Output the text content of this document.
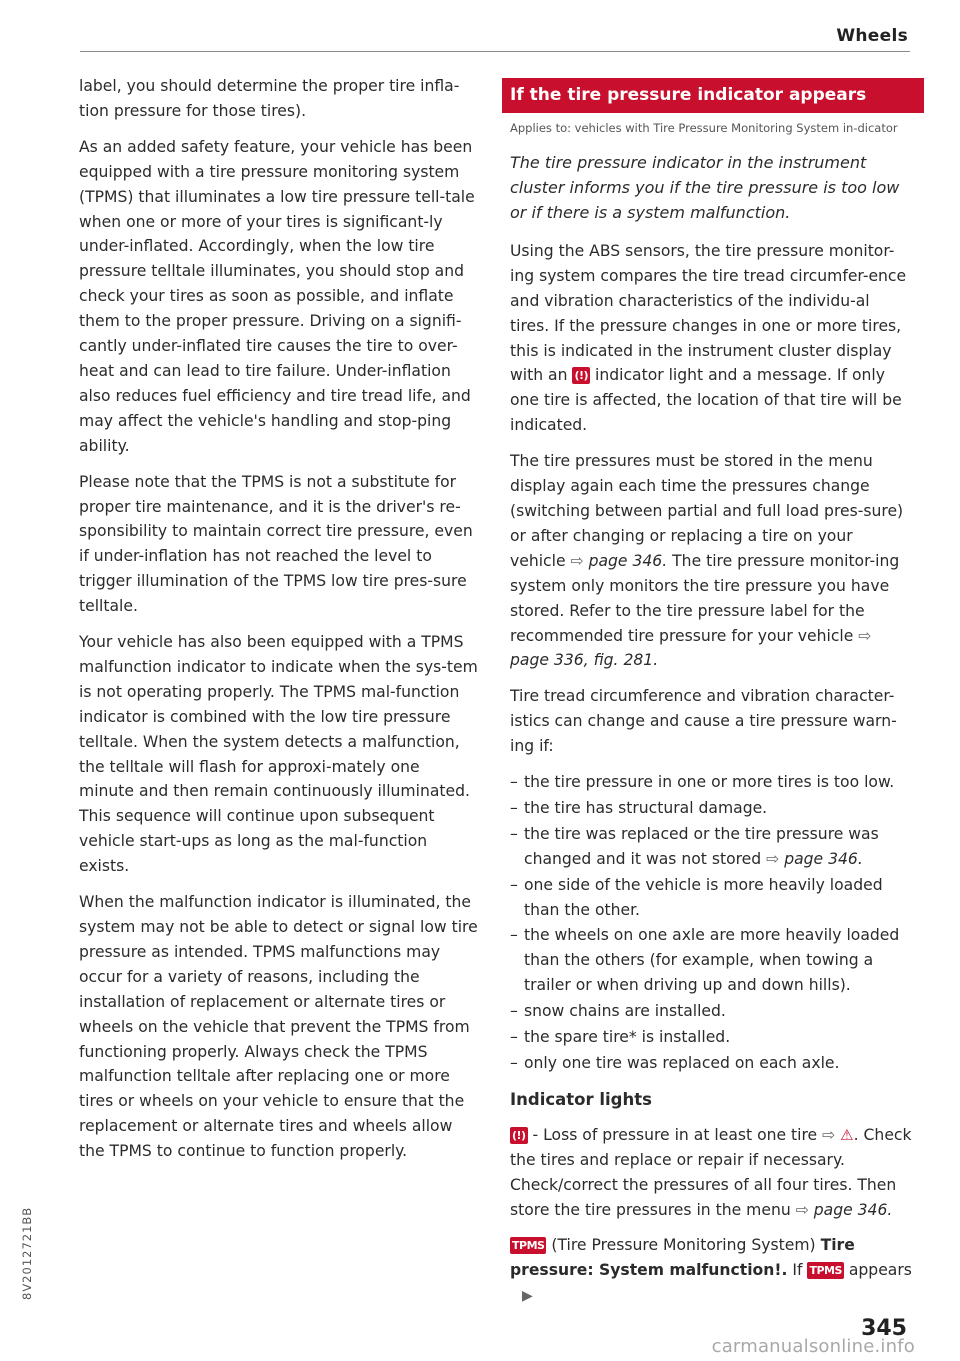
Wheels

label, you should determine the proper tire infla-tion pressure for those tires).

As an added safety feature, your vehicle has been equipped with a tire pressure monitoring system (TPMS) that illuminates a low tire pressure tell-tale when one or more of your tires is significant-ly under-inflated. Accordingly, when the low tire pressure telltale illuminates, you should stop and check your tires as soon as possible, and inflate them to the proper pressure. Driving on a signifi-cantly under-inflated tire causes the tire to over-heat and can lead to tire failure. Under-inflation also reduces fuel efficiency and tire tread life, and may affect the vehicle's handling and stop-ping ability.

Please note that the TPMS is not a substitute for proper tire maintenance, and it is the driver's re-sponsibility to maintain correct tire pressure, even if under-inflation has not reached the level to trigger illumination of the TPMS low tire pres-sure telltale.

Your vehicle has also been equipped with a TPMS malfunction indicator to indicate when the sys-tem is not operating properly. The TPMS mal-function indicator is combined with the low tire pressure telltale. When the system detects a malfunction, the telltale will flash for approxi-mately one minute and then remain continuously illuminated. This sequence will continue upon subsequent vehicle start-ups as long as the mal-function exists.

When the malfunction indicator is illuminated, the system may not be able to detect or signal low tire pressure as intended. TPMS malfunctions may occur for a variety of reasons, including the installation of replacement or alternate tires or wheels on the vehicle that prevent the TPMS from functioning properly. Always check the TPMS malfunction telltale after replacing one or more tires or wheels on your vehicle to ensure that the replacement or alternate tires and wheels allow the TPMS to continue to function properly.

If the tire pressure indicator appears

Applies to: vehicles with Tire Pressure Monitoring System in-dicator

The tire pressure indicator in the instrument cluster informs you if the tire pressure is too low or if there is a system malfunction.

Using the ABS sensors, the tire pressure monitor-ing system compares the tire tread circumfer-ence and vibration characteristics of the individu-al tires. If the pressure changes in one or more tires, this is indicated in the instrument cluster display with an (!) indicator light and a message. If only one tire is affected, the location of that tire will be indicated.

The tire pressures must be stored in the menu display again each time the pressures change (switching between partial and full load pres-sure) or after changing or replacing a tire on your vehicle ⇨ page 346. The tire pressure monitor-ing system only monitors the tire pressure you have stored. Refer to the tire pressure label for the recommended tire pressure for your vehicle ⇨ page 336, fig. 281.

Tire tread circumference and vibration character-istics can change and cause a tire pressure warn-ing if:

– the tire pressure in one or more tires is too low.
– the tire has structural damage.
– the tire was replaced or the tire pressure was changed and it was not stored ⇨ page 346.
– one side of the vehicle is more heavily loaded than the other.
– the wheels on one axle are more heavily loaded than the others (for example, when towing a trailer or when driving up and down hills).
– snow chains are installed.
– the spare tire* is installed.
– only one tire was replaced on each axle.

Indicator lights

(!) - Loss of pressure in at least one tire ⇨ ⚠. Check the tires and replace or repair if necessary. Check/correct the pressures of all four tires. Then store the tire pressures in the menu ⇨ page 346.

TPMS (Tire Pressure Monitoring System) Tire pressure: System malfunction!. If TPMS appears ▶

8V2012721BB
345
carmanualsonline.info
